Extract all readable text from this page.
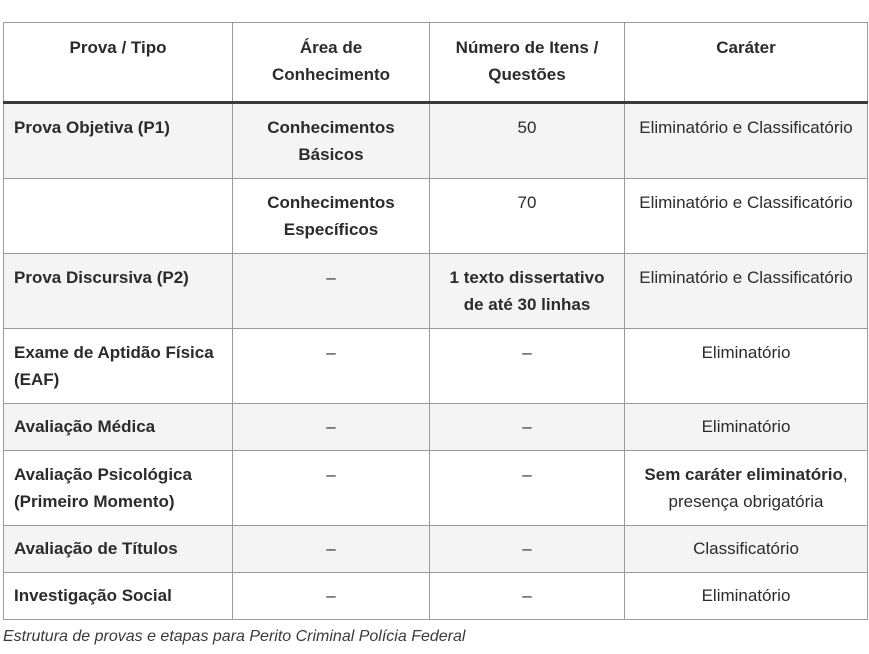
Prova / Tipo	Área de Conhecimento	Número de Itens / Questões	Caráter
Prova Objetiva (P1)	Conhecimentos Básicos	50	Eliminatório e Classificatório
	Conhecimentos Específicos	70	Eliminatório e Classificatório
Prova Discursiva (P2)	–	1 texto dissertativo de até 30 linhas	Eliminatório e Classificatório
Exame de Aptidão Física (EAF)	–	–	Eliminatório
Avaliação Médica	–	–	Eliminatório
Avaliação Psicológica (Primeiro Momento)	–	–	Sem caráter eliminatório, presença obrigatória
Avaliação de Títulos	–	–	Classificatório
Investigação Social	–	–	Eliminatório
Estrutura de provas e etapas para Perito Criminal Polícia Federal
